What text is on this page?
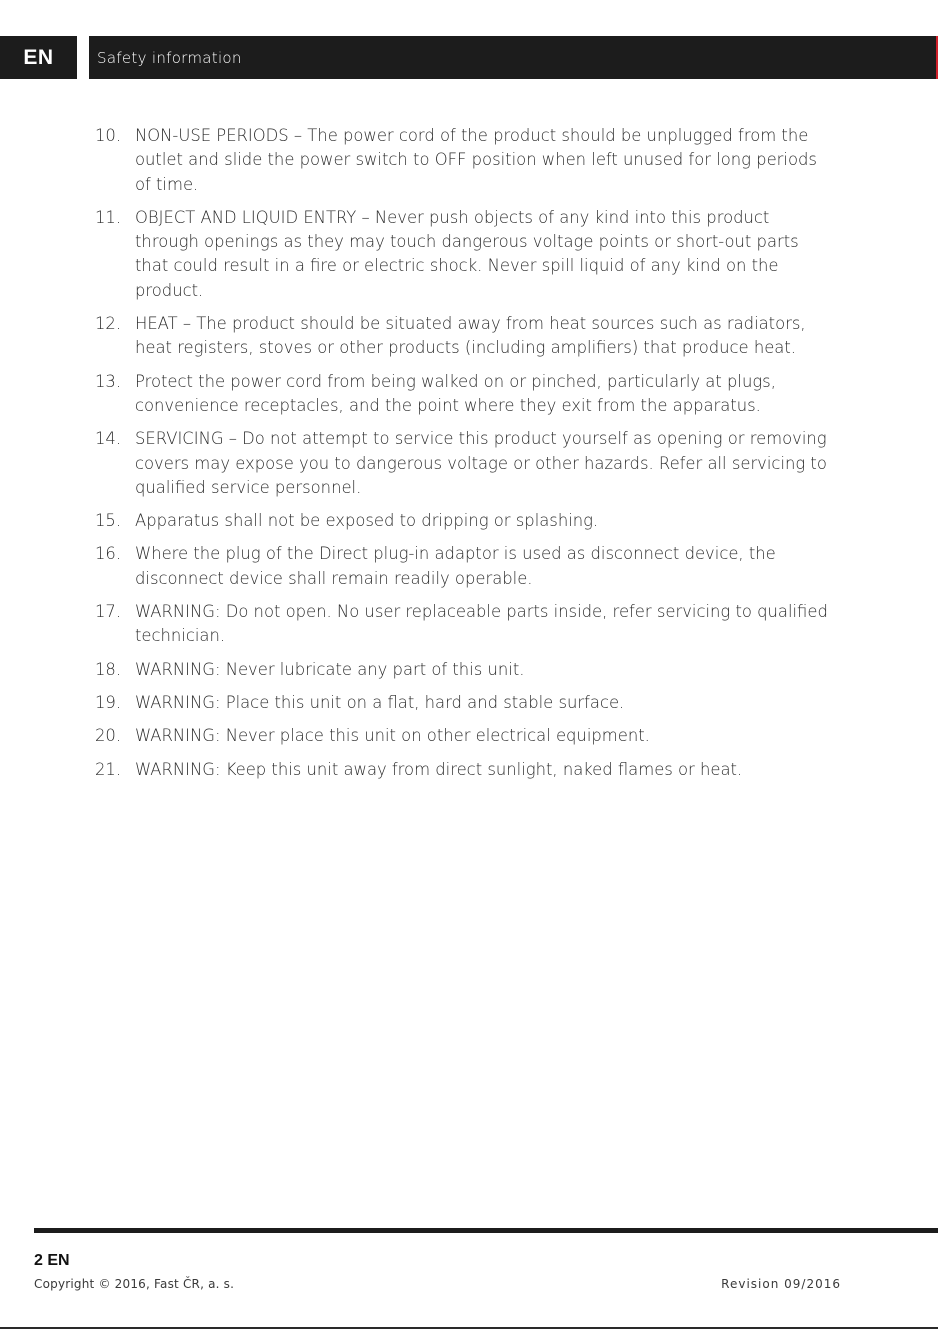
EN	Safety information
10. NON-USE PERIODS – The power cord of the product should be unplugged from the outlet and slide the power switch to OFF position when left unused for long periods of time.
11. OBJECT AND LIQUID ENTRY – Never push objects of any kind into this product through openings as they may touch dangerous voltage points or short-out parts that could result in a fire or electric shock. Never spill liquid of any kind on the product.
12. HEAT – The product should be situated away from heat sources such as radiators, heat registers, stoves or other products (including amplifiers) that produce heat.
13. Protect the power cord from being walked on or pinched, particularly at plugs, convenience receptacles, and the point where they exit from the apparatus.
14. SERVICING – Do not attempt to service this product yourself as opening or removing covers may expose you to dangerous voltage or other hazards. Refer all servicing to qualified service personnel.
15. Apparatus shall not be exposed to dripping or splashing.
16. Where the plug of the Direct plug-in adaptor is used as disconnect device, the disconnect device shall remain readily operable.
17. WARNING: Do not open. No user replaceable parts inside, refer servicing to qualified technician.
18. WARNING: Never lubricate any part of this unit.
19. WARNING: Place this unit on a flat, hard and stable surface.
20. WARNING: Never place this unit on other electrical equipment.
21. WARNING: Keep this unit away from direct sunlight, naked flames or heat.
2 EN
Copyright © 2016, Fast ČR, a. s.	Revision 09/2016
